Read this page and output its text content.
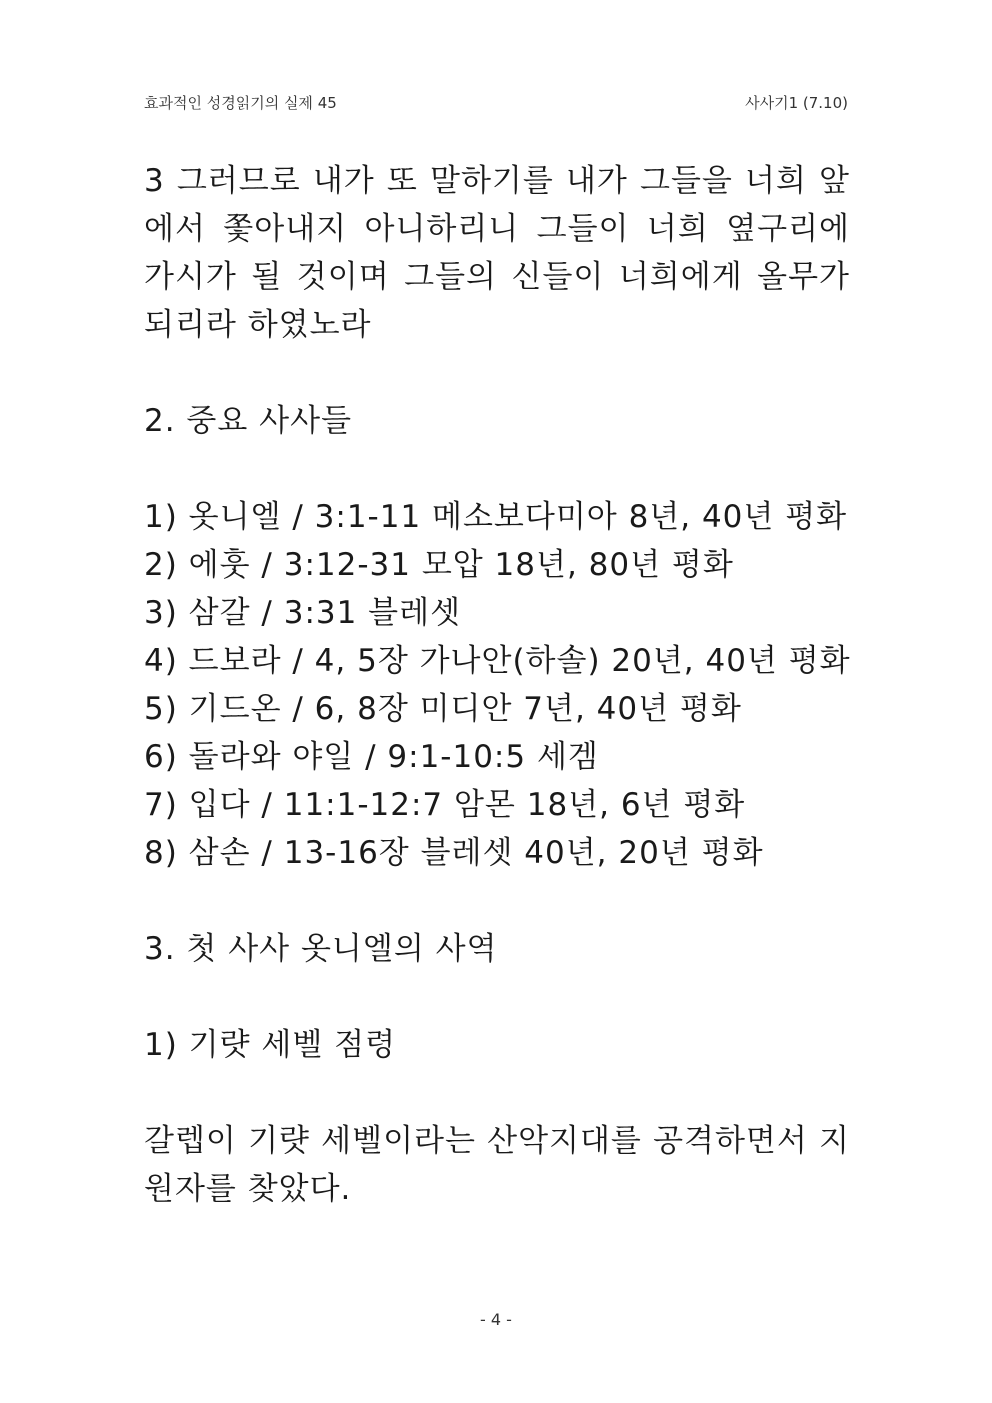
효과적인 성경읽기의 실제 45	사사기1 (7.10)

3 그러므로 내가 또 말하기를 내가 그들을 너희 앞에서 쫓아내지 아니하리니 그들이 너희 옆구리에 가시가 될 것이며 그들의 신들이 너희에게 올무가 되리라 하였노라

2. 중요 사사들

1) 옷니엘 / 3:1-11 메소보다미아 8년, 40년 평화
2) 에훗 / 3:12-31 모압 18년, 80년 평화
3) 삼갈 / 3:31 블레셋
4) 드보라 / 4, 5장 가나안(하솔) 20년, 40년 평화
5) 기드온 / 6, 8장 미디안 7년, 40년 평화
6) 돌라와 야일 / 9:1-10:5 세겜
7) 입다 / 11:1-12:7 암몬 18년, 6년 평화
8) 삼손 / 13-16장 블레셋 40년, 20년 평화

3. 첫 사사 옷니엘의 사역

1) 기럇 세벨 점령

갈렙이 기럇 세벨이라는 산악지대를 공격하면서 지원자를 찾았다.

- 4 -
